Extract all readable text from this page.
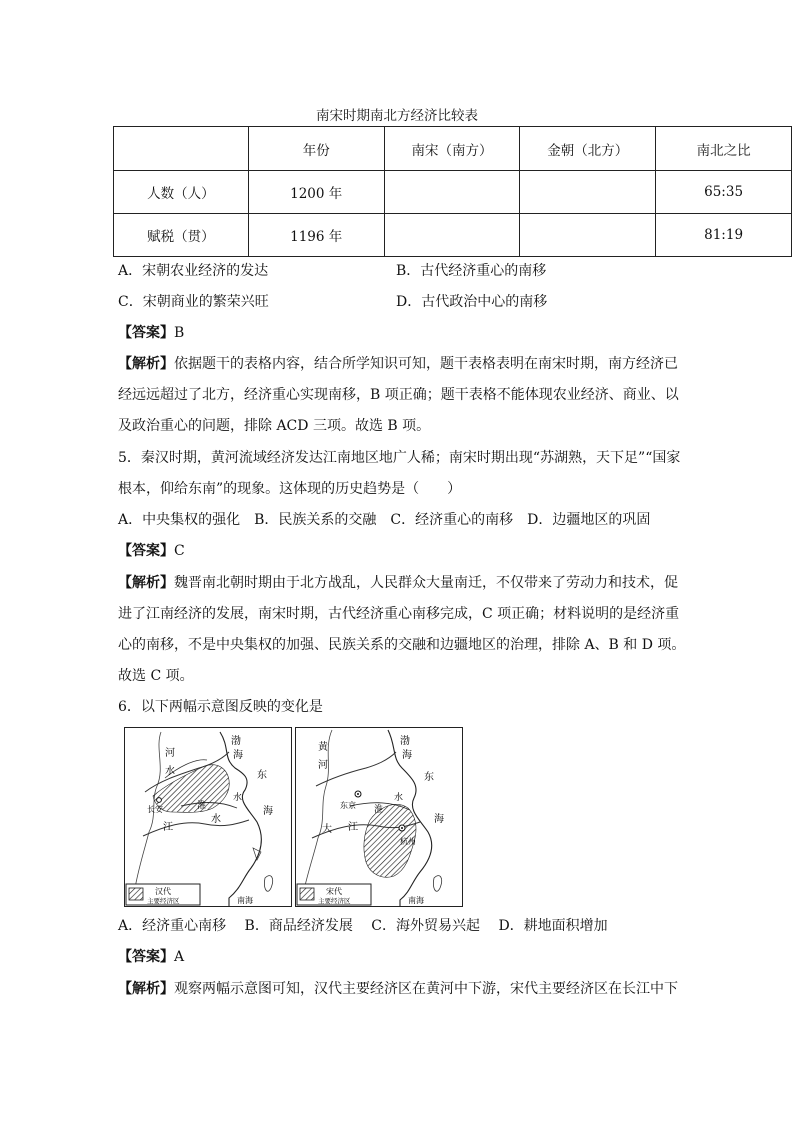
南宋时期南北方经济比较表
	年份	南宋（南方）	金朝（北方）	南北之比
人数（人）	1200 年			65:35
赋税（贯）	1196 年			81:19
A．宋朝农业经济的发达	B．古代经济重心的南移
C．宋朝商业的繁荣兴旺	D．古代政治中心的南移
【答案】B
【解析】依据题干的表格内容，结合所学知识可知，题干表格表明在南宋时期，南方经济已
经远远超过了北方，经济重心实现南移，B 项正确；题干表格不能体现农业经济、商业、以
及政治重心的问题，排除 ACD 三项。故选 B 项。
5．秦汉时期，黄河流域经济发达江南地区地广人稀；南宋时期出现“苏湖熟，天下足”“国家
根本，仰给东南”的现象。这体现的历史趋势是（　　）
A．中央集权的强化　B．民族关系的交融　C．经济重心的南移　D．边疆地区的巩固
【答案】C
【解析】魏晋南北朝时期由于北方战乱，人民群众大量南迁，不仅带来了劳动力和技术，促
进了江南经济的发展，南宋时期，古代经济重心南移完成，C 项正确；材料说明的是经济重
心的南移，不是中央集权的加强、民族关系的交融和边疆地区的治理，排除 A、B 和 D 项。
故选 C 项。
6．以下两幅示意图反映的变化是
渤
海
河
水	东
长安	淮
水
江
水
海
南海
汉代
主要经济区
渤
海
黄
河
东京 淮
水
东
江
大
杭州
海
南海
宋代
主要经济区
A．经济重心南移　 B．商品经济发展　 C．海外贸易兴起　 D．耕地面积增加
【答案】A
【解析】观察两幅示意图可知，汉代主要经济区在黄河中下游，宋代主要经济区在长江中下
